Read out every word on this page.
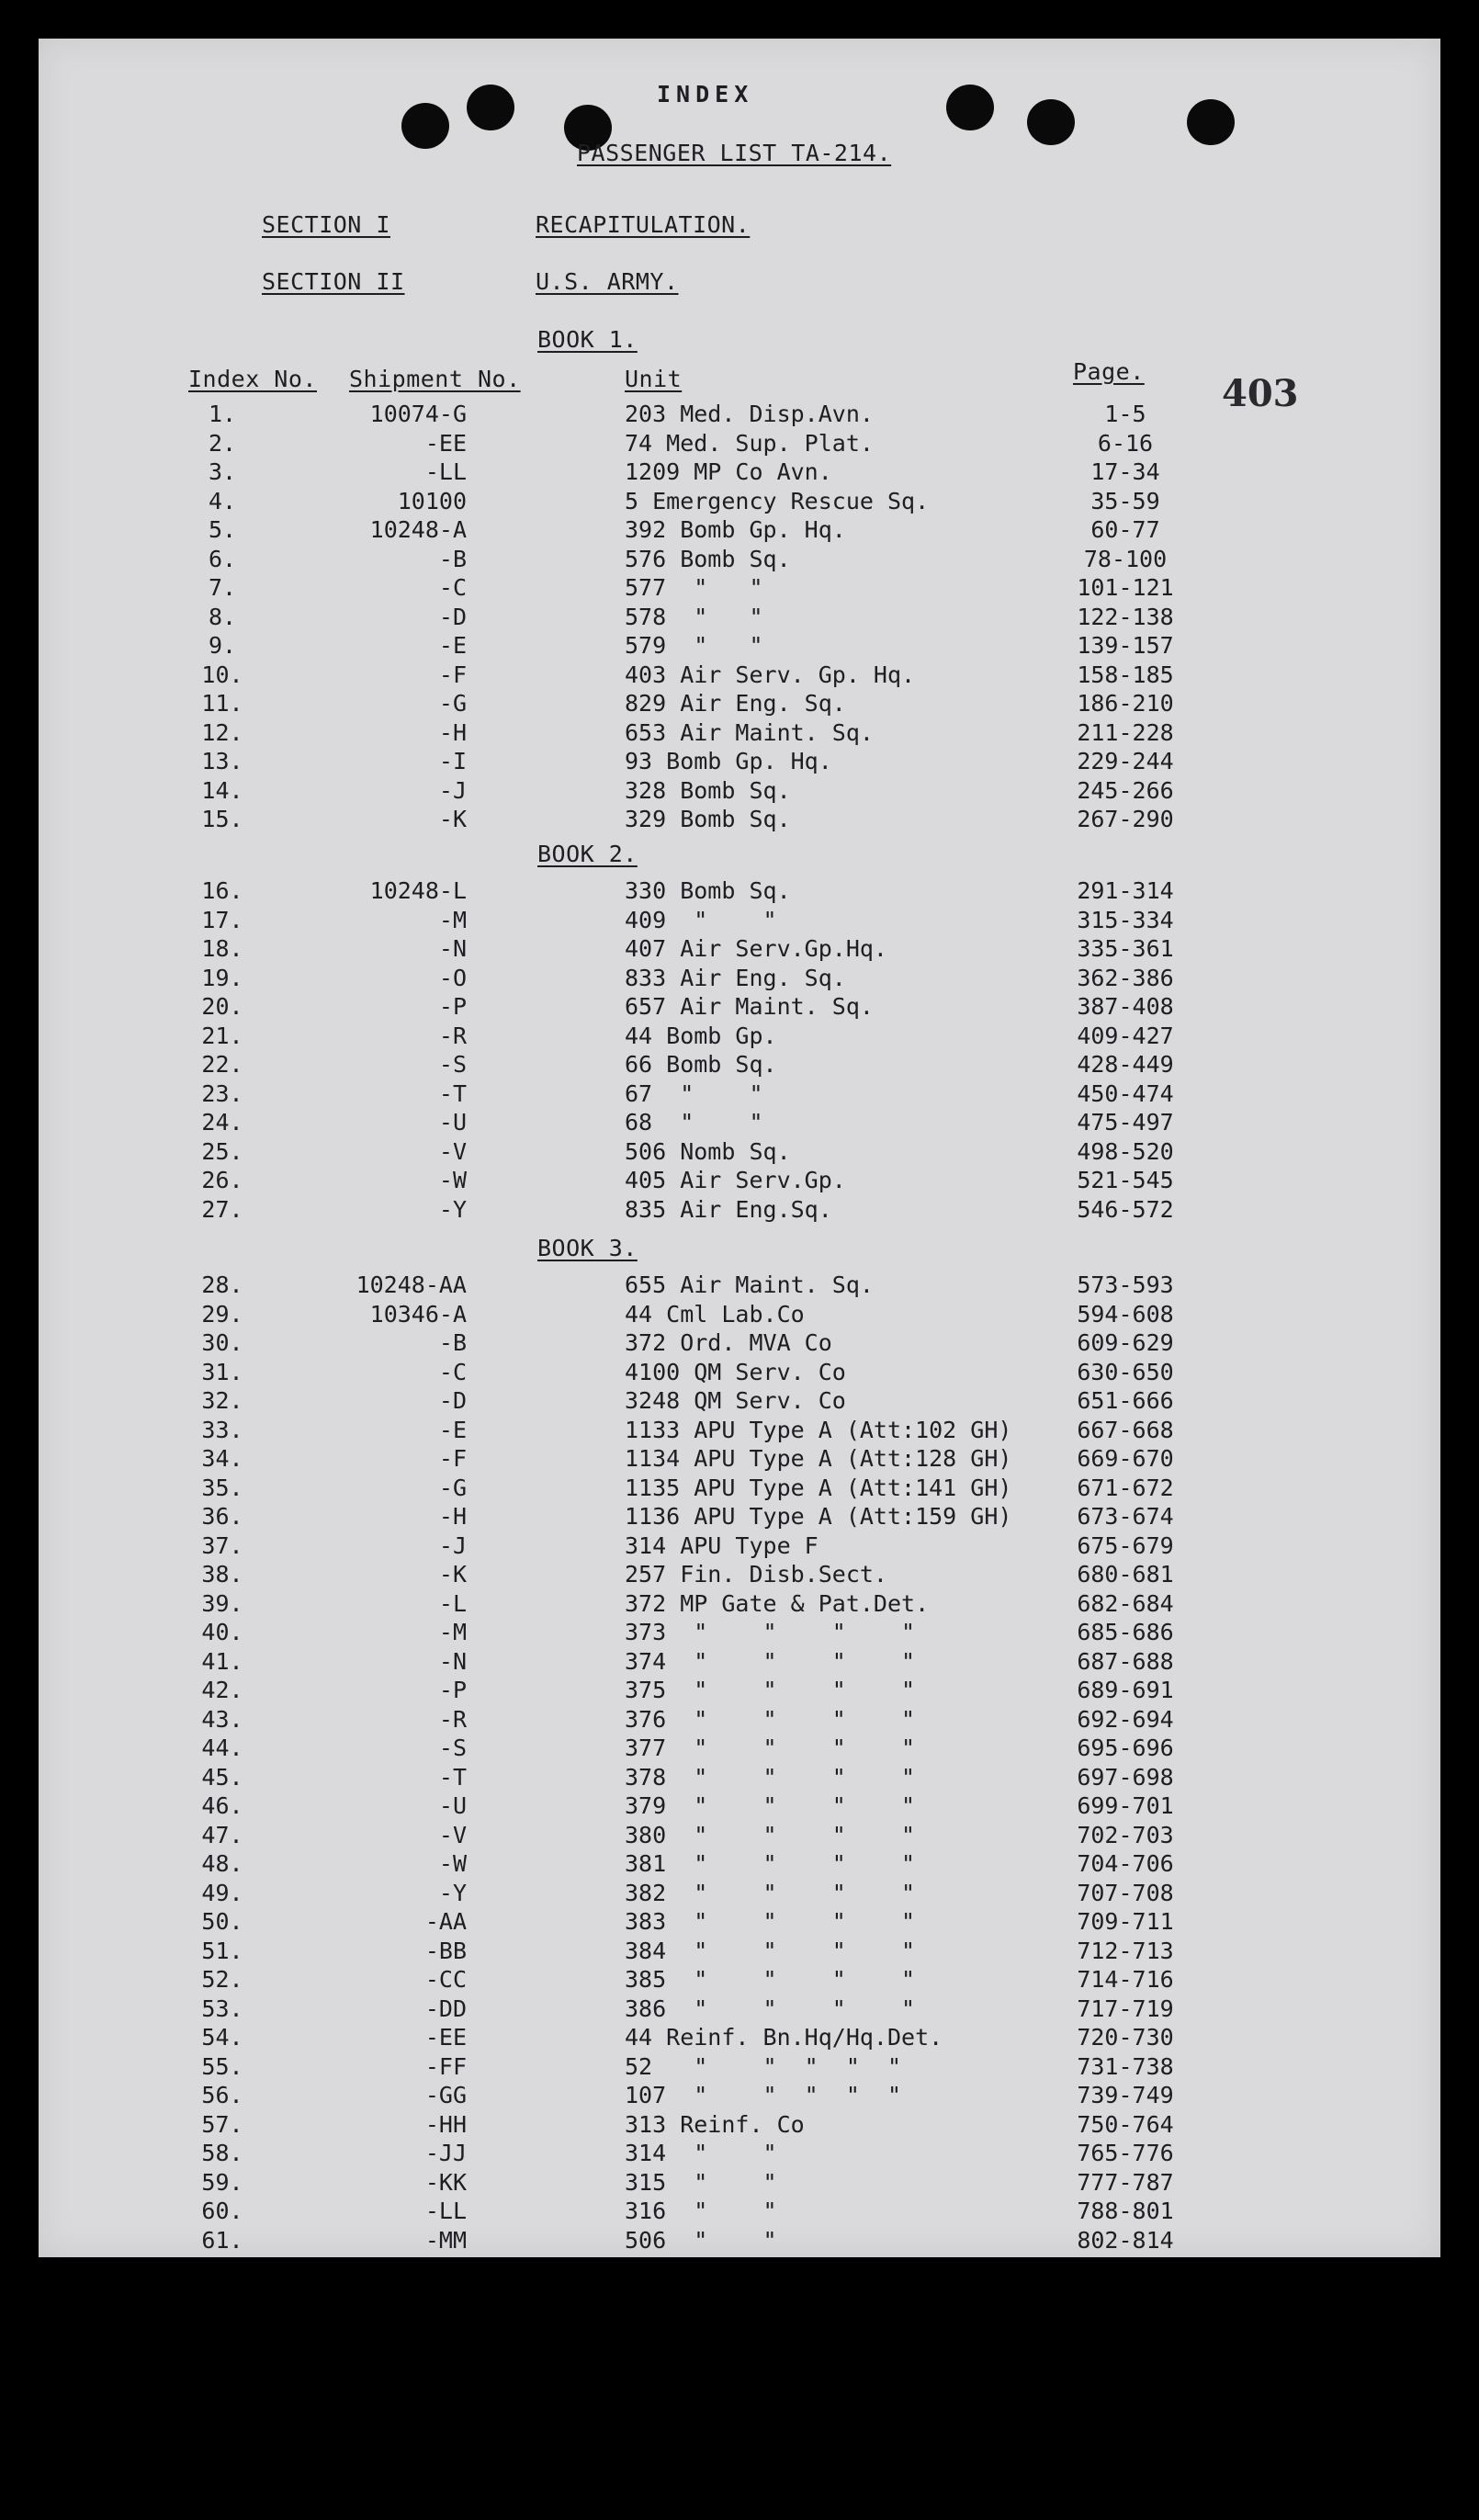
INDEX
PASSENGER LIST TA-214.
403
SECTION I	RECAPITULATION.
SECTION II	U.S. ARMY.
Index No. Shipment No.	Unit	Page.
BOOK 1.
1.	10074-G	203 Med. Disp.Avn.	1-5
2.	-EE	74 Med. Sup. Plat.	6-16
3.	-LL	1209 MP Co Avn.	17-34
4.	10100	5 Emergency Rescue Sq.	35-59
5.	10248-A	392 Bomb Gp. Hq.	60-77
6.	-B	576 Bomb Sq.	78-100
7.	-C	577  "   "	101-121
8.	-D	578  "   "	122-138
9.	-E	579  "   "	139-157
10.	-F	403 Air Serv. Gp. Hq.	158-185
11.	-G	829 Air Eng. Sq.	186-210
12.	-H	653 Air Maint. Sq.	211-228
13.	-I	93 Bomb Gp. Hq.	229-244
14.	-J	328 Bomb Sq.	245-266
15.	-K	329 Bomb Sq.	267-290
BOOK 2.
16.	10248-L	330 Bomb Sq.	291-314
17.	-M	409  "    "	315-334
18.	-N	407 Air Serv.Gp.Hq.	335-361
19.	-O	833 Air Eng. Sq.	362-386
20.	-P	657 Air Maint. Sq.	387-408
21.	-R	44 Bomb Gp.	409-427
22.	-S	66 Bomb Sq.	428-449
23.	-T	67  "    "	450-474
24.	-U	68  "    "	475-497
25.	-V	506 Nomb Sq.	498-520
26.	-W	405 Air Serv.Gp.	521-545
27.	-Y	835 Air Eng.Sq.	546-572
BOOK 3.
28.	10248-AA	655 Air Maint. Sq.	573-593
29.	10346-A	44 Cml Lab.Co	594-608
30.	-B	372 Ord. MVA Co	609-629
31.	-C	4100 QM Serv. Co	630-650
32.	-D	3248 QM Serv. Co	651-666
33.	-E	1133 APU Type A (Att:102 GH)	667-668
34.	-F	1134 APU Type A (Att:128 GH)	669-670
35.	-G	1135 APU Type A (Att:141 GH)	671-672
36.	-H	1136 APU Type A (Att:159 GH)	673-674
37.	-J	314 APU Type F	675-679
38.	-K	257 Fin. Disb.Sect.	680-681
39.	-L	372 MP Gate & Pat.Det.	682-684
40.	-M	373  "    "    "    "	685-686
41.	-N	374  "    "    "    "	687-688
42.	-P	375  "    "    "    "	689-691
43.	-R	376  "    "    "    "	692-694
44.	-S	377  "    "    "    "	695-696
45.	-T	378  "    "    "    "	697-698
46.	-U	379  "    "    "    "	699-701
47.	-V	380  "    "    "    "	702-703
48.	-W	381  "    "    "    "	704-706
49.	-Y	382  "    "    "    "	707-708
50.	-AA	383  "    "    "    "	709-711
51.	-BB	384  "    "    "    "	712-713
52.	-CC	385  "    "    "    "	714-716
53.	-DD	386  "    "    "    "	717-719
54.	-EE	44 Reinf. Bn.Hq/Hq.Det.	720-730
55.	-FF	52   "    "  "  "  "	731-738
56.	-GG	107  "    "  "  "  "	739-749
57.	-HH	313 Reinf. Co	750-764
58.	-JJ	314  "    "	765-776
59.	-KK	315  "    "	777-787
60.	-LL	316  "    "	788-801
61.	-MM	506  "    "	802-814
